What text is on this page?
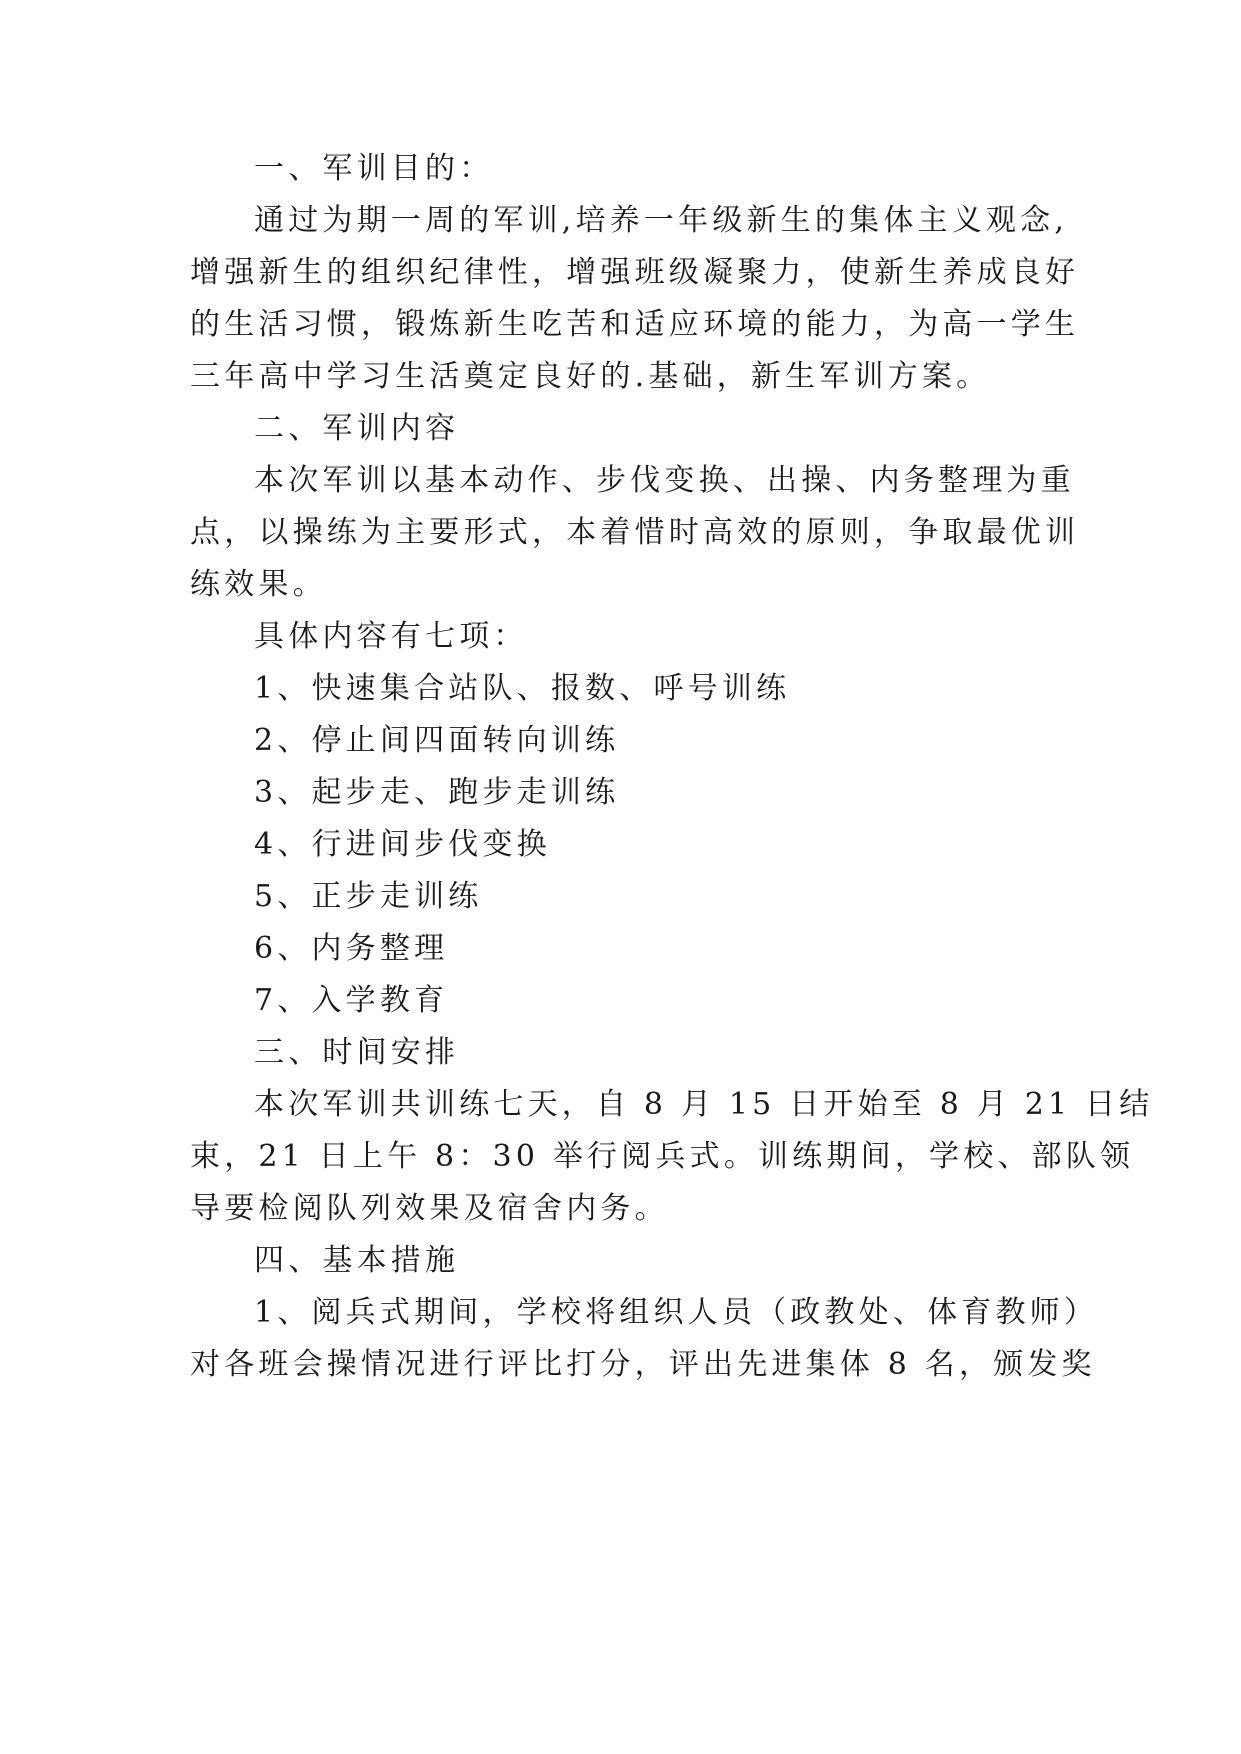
一、军训目的：

通过为期一周的军训,培养一年级新生的集体主义观念,

增强新生的组织纪律性，增强班级凝聚力，使新生养成良好

的生活习惯，锻炼新生吃苦和适应环境的能力，为高一学生

三年高中学习生活奠定良好的.基础，新生军训方案。

二、军训内容

本次军训以基本动作、步伐变换、出操、内务整理为重

点，以操练为主要形式，本着惜时高效的原则，争取最优训

练效果。

具体内容有七项：

1、快速集合站队、报数、呼号训练

2、停止间四面转向训练

3、起步走、跑步走训练

4、行进间步伐变换

5、正步走训练

6、内务整理

7、入学教育

三、时间安排

本次军训共训练七天，自 8 月 15 日开始至 8 月 21 日结

束，21 日上午 8：30 举行阅兵式。训练期间，学校、部队领

导要检阅队列效果及宿舍内务。

四、基本措施

1、阅兵式期间，学校将组织人员（政教处、体育教师）

对各班会操情况进行评比打分，评出先进集体 8 名，颁发奖
